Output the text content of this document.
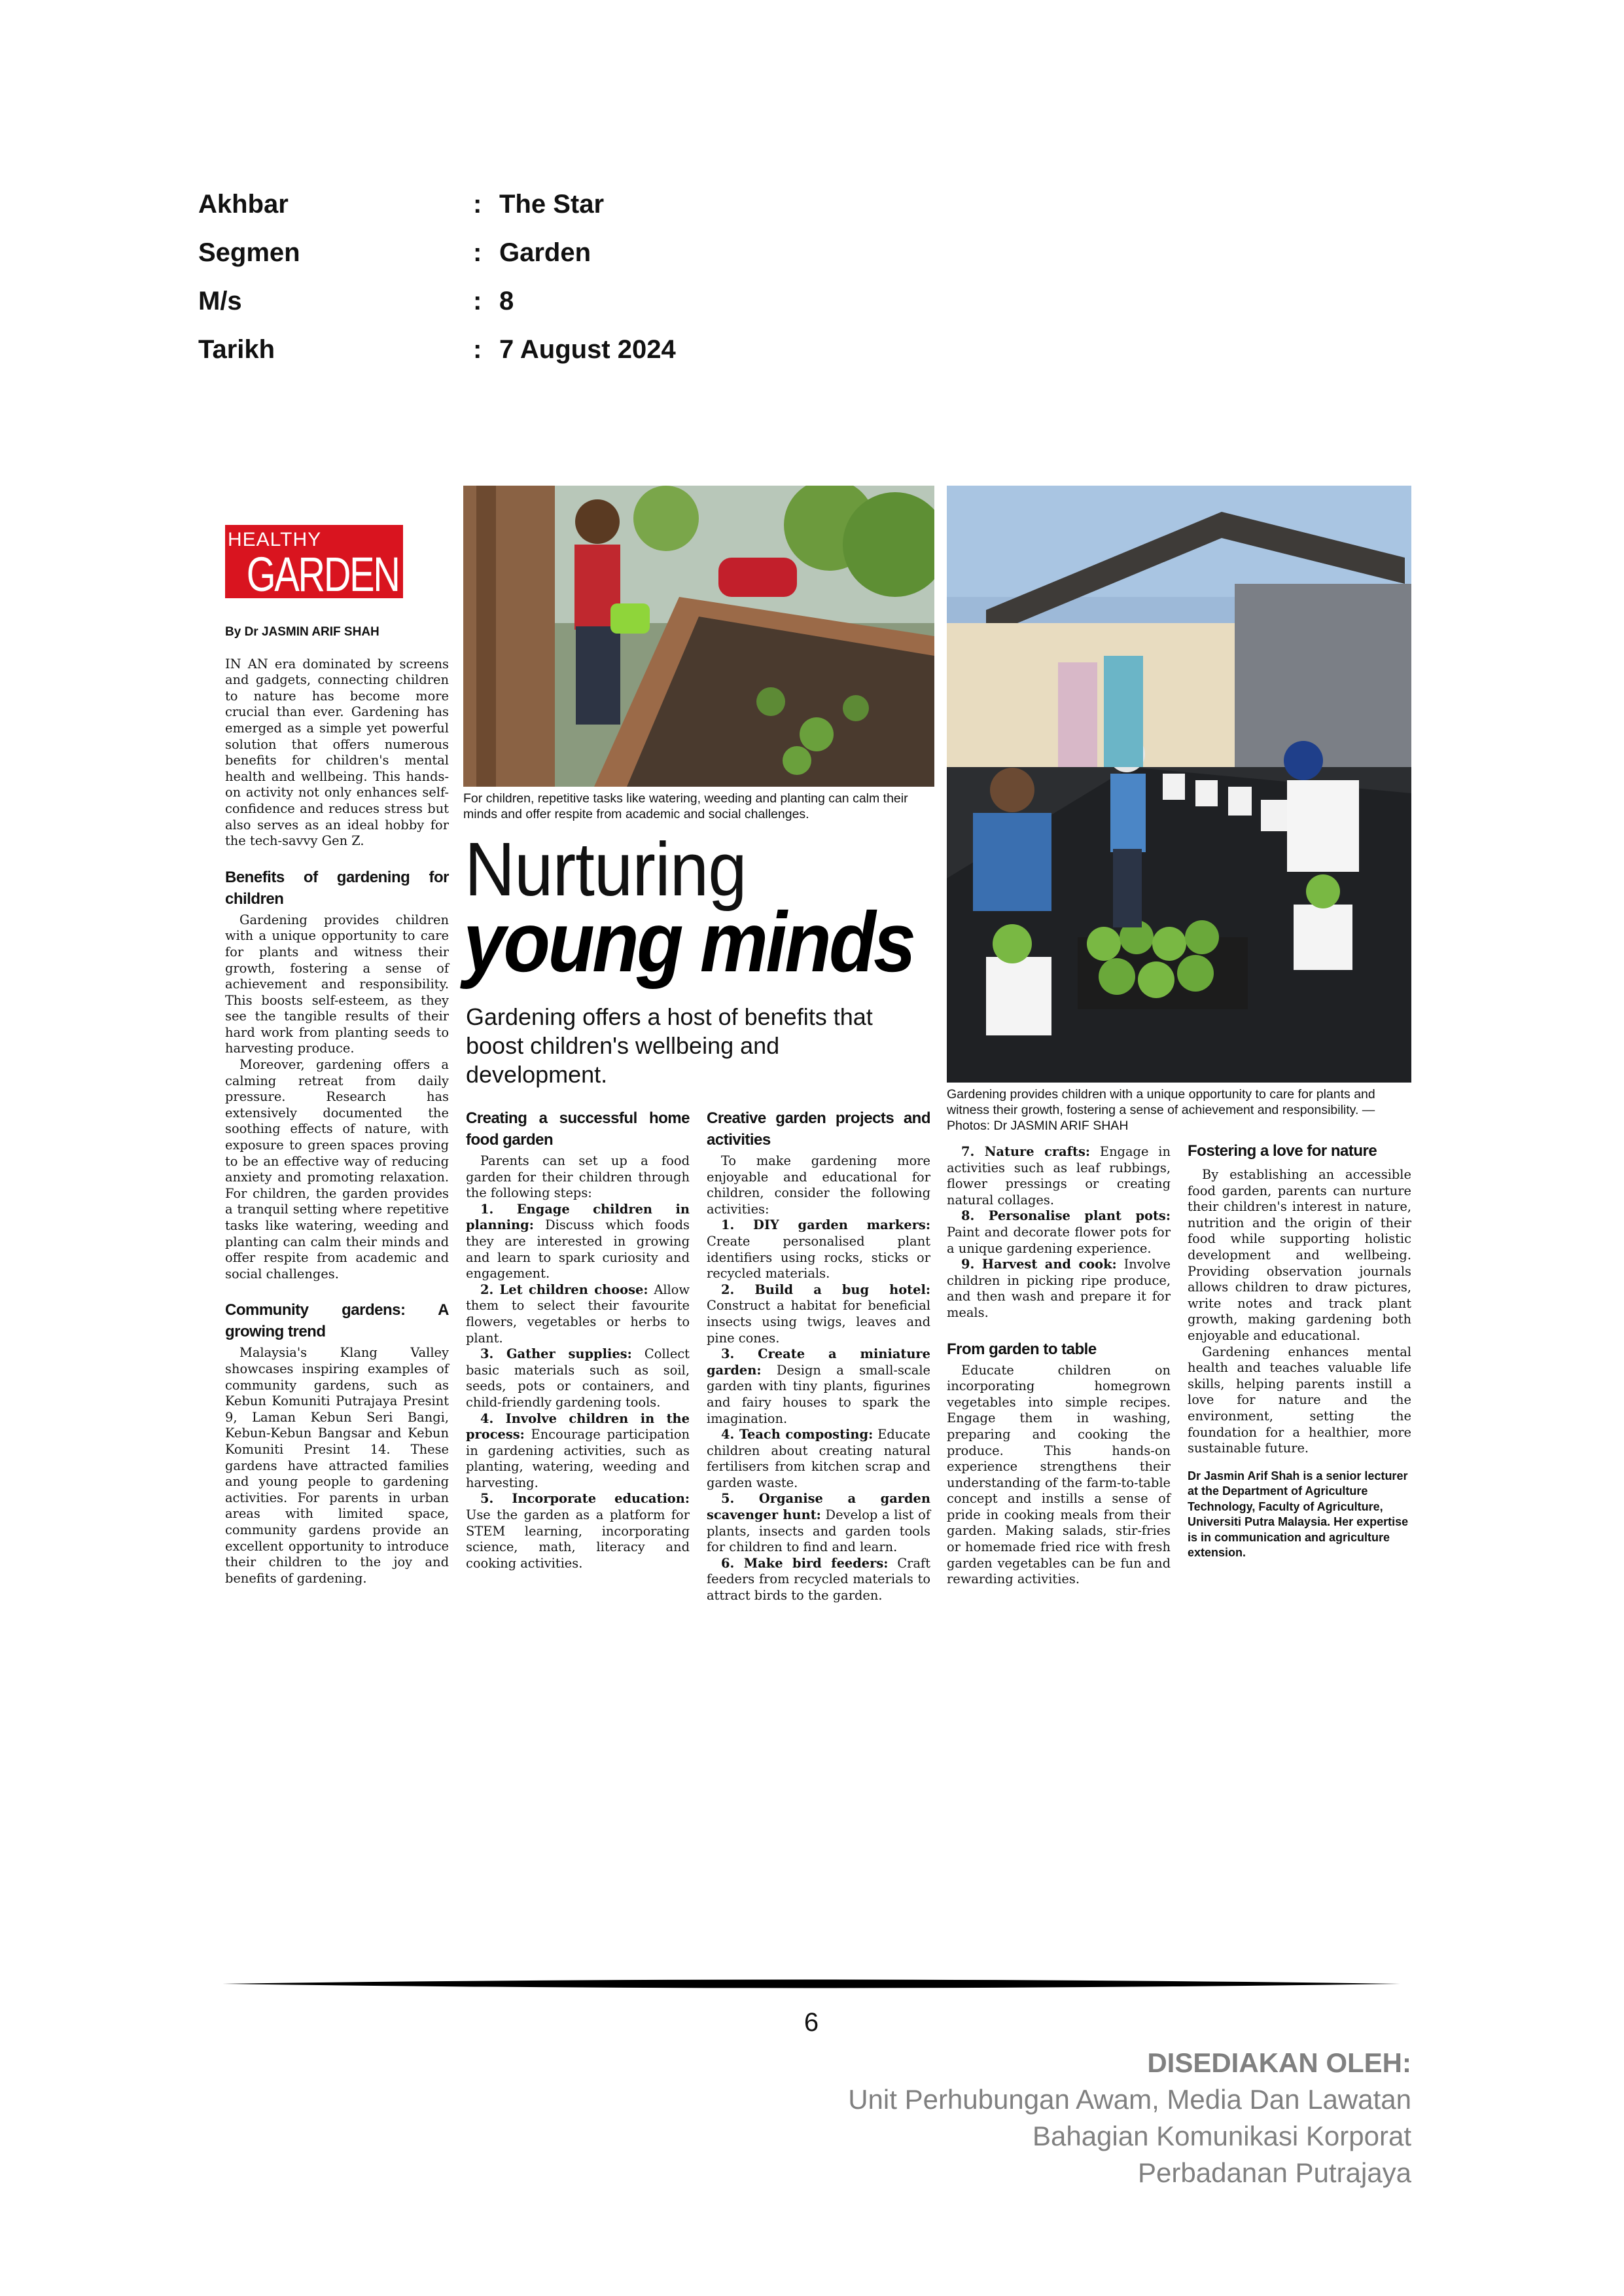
Akhbar	: The Star
Segmen	: Garden
M/s	: 8
Tarikh	: 7 August 2024
HEALTHY
GARDEN
By Dr JASMIN ARIF SHAH

IN AN era dominated by screens and gadgets, connecting children to nature has become more crucial than ever. Gardening has emerged as a simple yet powerful solution that offers numerous benefits for children's mental health and wellbeing. This hands-on activity not only enhances self-confidence and reduces stress but also serves as an ideal hobby for the tech-savvy Gen Z.

Benefits of gardening for children

Gardening provides children with a unique opportunity to care for plants and witness their growth, fostering a sense of achievement and responsibility. This boosts self-esteem, as they see the tangible results of their hard work from planting seeds to harvesting produce.

Moreover, gardening offers a calming retreat from daily pressure. Research has extensively documented the soothing effects of nature, with exposure to green spaces proving to be an effective way of reducing anxiety and promoting relaxation. For children, the garden provides a tranquil setting where repetitive tasks like watering, weeding and planting can calm their minds and offer respite from academic and social challenges.

Community gardens: A growing trend

Malaysia's Klang Valley showcases inspiring examples of community gardens, such as Kebun Komuniti Putrajaya Presint 9, Laman Kebun Seri Bangi, Kebun-Kebun Bangsar and Kebun Komuniti Presint 14. These gardens have attracted families and young people to gardening activities. For parents in urban areas with limited space, community gardens provide an excellent opportunity to introduce their children to the joy and benefits of gardening.

For children, repetitive tasks like watering, weeding and planting can calm their minds and offer respite from academic and social challenges.
Nurturing
young minds
Gardening offers a host of benefits that boost children's wellbeing and development.
Creating a successful home food garden

Parents can set up a food garden for their children through the following steps:

1. Engage children in planning: Discuss which foods they are interested in growing and learn to spark curiosity and engagement.

2. Let children choose: Allow them to select their favourite flowers, vegetables or herbs to plant.

3. Gather supplies: Collect basic materials such as soil, seeds, pots or containers, and child-friendly gardening tools.

4. Involve children in the process: Encourage participation in gardening activities, such as planting, watering, weeding and harvesting.

5. Incorporate education: Use the garden as a platform for STEM learning, incorporating science, math, literacy and cooking activities.

Creative garden projects and activities

To make gardening more enjoyable and educational for children, consider the following activities:

1. DIY garden markers: Create personalised plant identifiers using rocks, sticks or recycled materials.

2. Build a bug hotel: Construct a habitat for beneficial insects using twigs, leaves and pine cones.

3. Create a miniature garden: Design a small-scale garden with tiny plants, figurines and fairy houses to spark the imagination.

4. Teach composting: Educate children about creating natural fertilisers from kitchen scrap and garden waste.

5. Organise a garden scavenger hunt: Develop a list of plants, insects and garden tools for children to find and learn.

6. Make bird feeders: Craft feeders from recycled materials to attract birds to the garden.

Gardening provides children with a unique opportunity to care for plants and witness their growth, fostering a sense of achievement and responsibility. — Photos: Dr JASMIN ARIF SHAH

7. Nature crafts: Engage in activities such as leaf rubbings, flower pressings or creating natural collages.

8. Personalise plant pots: Paint and decorate flower pots for a unique gardening experience.

9. Harvest and cook: Involve children in picking ripe produce, and then wash and prepare it for meals.

From garden to table

Educate children on incorporating homegrown vegetables into simple recipes. Engage them in washing, preparing and cooking the produce. This hands-on experience strengthens their understanding of the farm-to-table concept and instills a sense of pride in cooking meals from their garden. Making salads, stir-fries or homemade fried rice with fresh garden vegetables can be fun and rewarding activities.

Fostering a love for nature

By establishing an accessible food garden, parents can nurture their children's interest in nature, nutrition and the origin of their food while supporting holistic development and wellbeing. Providing observation journals allows children to draw pictures, write notes and track plant growth, making gardening both enjoyable and educational.

Gardening enhances mental health and teaches valuable life skills, helping parents instill a love for nature and the environment, setting the foundation for a healthier, more sustainable future.

Dr Jasmin Arif Shah is a senior lecturer at the Department of Agriculture Technology, Faculty of Agriculture, Universiti Putra Malaysia. Her expertise is in communication and agriculture extension.
6
DISEDIAKAN OLEH:
Unit Perhubungan Awam, Media Dan Lawatan
Bahagian Komunikasi Korporat
Perbadanan Putrajaya
